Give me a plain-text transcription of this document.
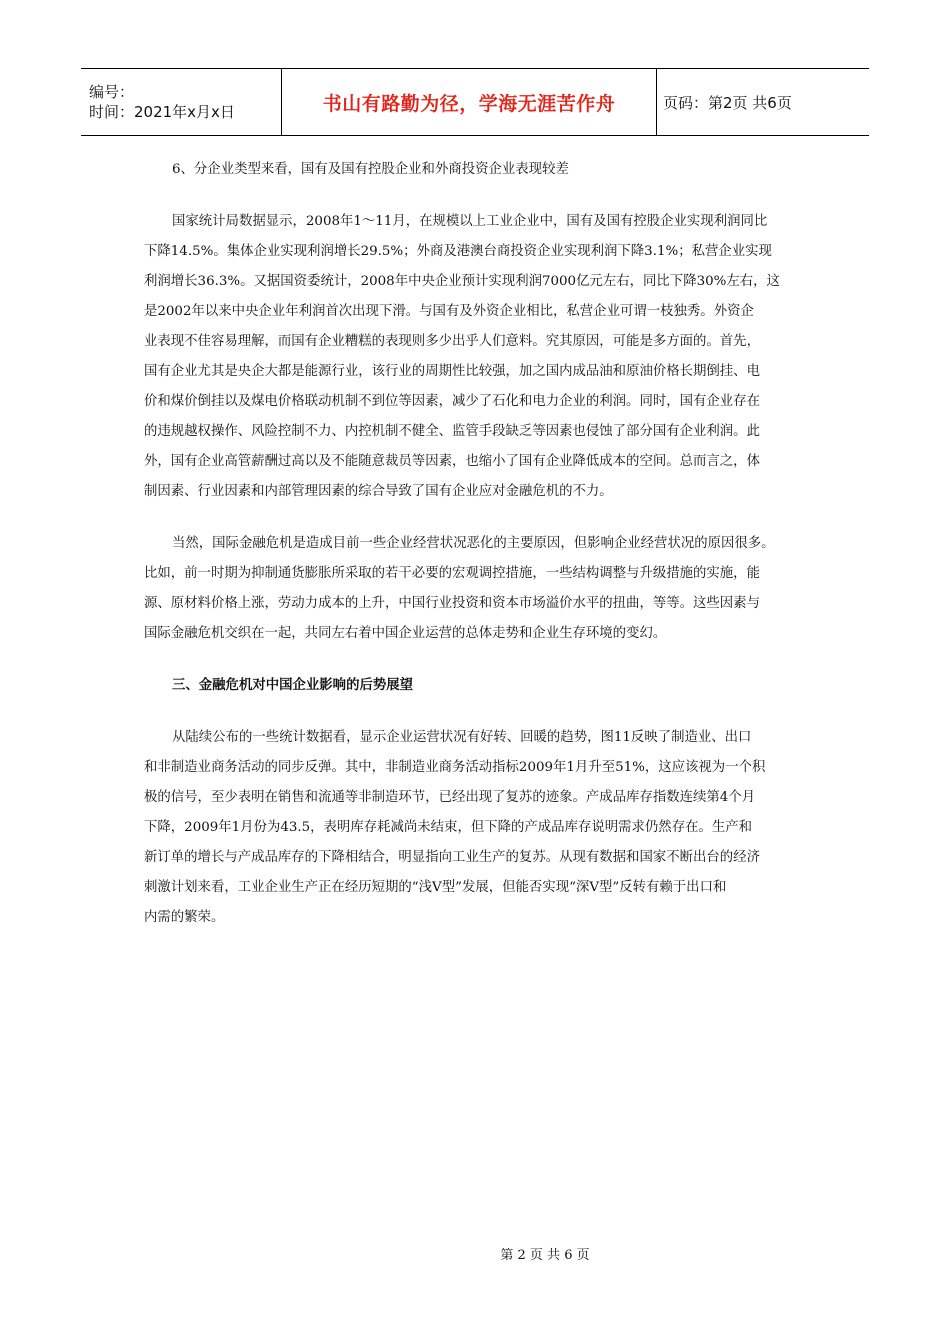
编号：
时间：2021年x月x日	书山有路勤为径，学海无涯苦作舟	页码：第2页 共6页
6、分企业类型来看，国有及国有控股企业和外商投资企业表现较差
国家统计局数据显示，2008年1～11月，在规模以上工业企业中，国有及国有控股企业实现利润同比
下降14.5%。集体企业实现利润增长29.5%；外商及港澳台商投资企业实现利润下降3.1%；私营企业实现
利润增长36.3%。又据国资委统计，2008年中央企业预计实现利润7000亿元左右，同比下降30%左右，这
是2002年以来中央企业年利润首次出现下滑。与国有及外资企业相比，私营企业可谓一枝独秀。外资企
业表现不佳容易理解，而国有企业糟糕的表现则多少出乎人们意料。究其原因，可能是多方面的。首先，
国有企业尤其是央企大都是能源行业，该行业的周期性比较强，加之国内成品油和原油价格长期倒挂、电
价和煤价倒挂以及煤电价格联动机制不到位等因素，减少了石化和电力企业的利润。同时，国有企业存在
的违规越权操作、风险控制不力、内控机制不健全、监管手段缺乏等因素也侵蚀了部分国有企业利润。此
外，国有企业高管薪酬过高以及不能随意裁员等因素，也缩小了国有企业降低成本的空间。总而言之，体
制因素、行业因素和内部管理因素的综合导致了国有企业应对金融危机的不力。
当然，国际金融危机是造成目前一些企业经营状况恶化的主要原因，但影响企业经营状况的原因很多。
比如，前一时期为抑制通货膨胀所采取的若干必要的宏观调控措施，一些结构调整与升级措施的实施，能
源、原材料价格上涨，劳动力成本的上升，中国行业投资和资本市场溢价水平的扭曲，等等。这些因素与
国际金融危机交织在一起，共同左右着中国企业运营的总体走势和企业生存环境的变幻。
三、金融危机对中国企业影响的后势展望
从陆续公布的一些统计数据看，显示企业运营状况有好转、回暖的趋势，图11反映了制造业、出口
和非制造业商务活动的同步反弹。其中，非制造业商务活动指标2009年1月升至51%，这应该视为一个积
极的信号，至少表明在销售和流通等非制造环节，已经出现了复苏的迹象。产成品库存指数连续第4个月
下降，2009年1月份为43.5，表明库存耗减尚未结束，但下降的产成品库存说明需求仍然存在。生产和
新订单的增长与产成品库存的下降相结合，明显指向工业生产的复苏。从现有数据和国家不断出台的经济
刺激计划来看，工业企业生产正在经历短期的“浅V型”发展，但能否实现“深V型”反转有赖于出口和
内需的繁荣。
第 2 页 共 6 页
